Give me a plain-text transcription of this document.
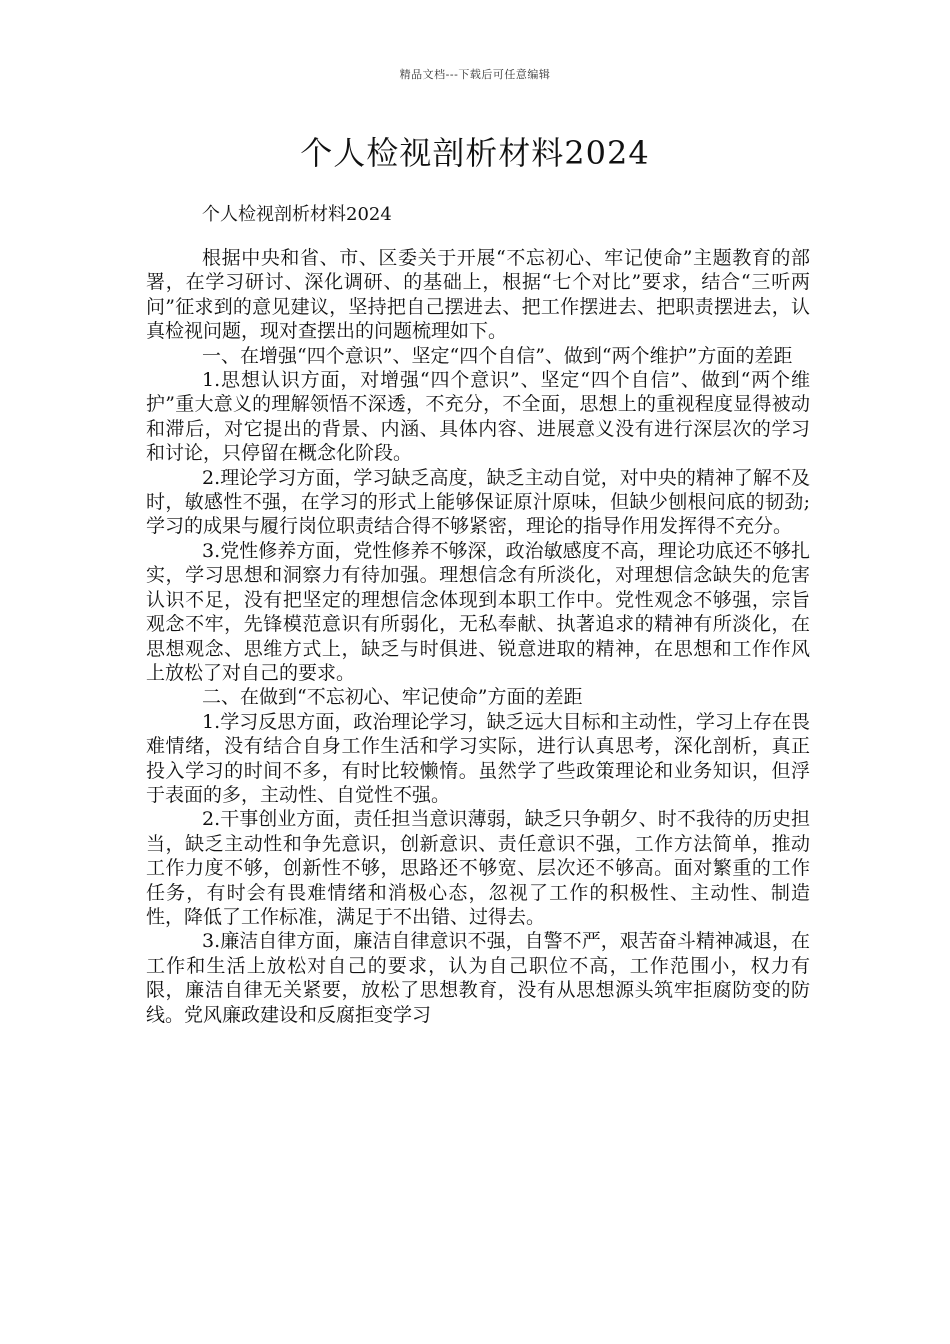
精品文档---下载后可任意编辑
个人检视剖析材料2024

个人检视剖析材料2024

根据中央和省、市、区委关于开展“不忘初心、牢记使命”主题教育的部署，在学习研讨、深化调研、的基础上，根据“七个对比”要求，结合“三听两问”征求到的意见建议，坚持把自己摆进去、把工作摆进去、把职责摆进去，认真检视问题，现对查摆出的问题梳理如下。

一、在增强“四个意识”、坚定“四个自信”、做到“两个维护”方面的差距

1.思想认识方面，对增强“四个意识”、坚定“四个自信”、做到“两个维护”重大意义的理解领悟不深透，不充分，不全面，思想上的重视程度显得被动和滞后，对它提出的背景、内涵、具体内容、进展意义没有进行深层次的学习和讨论，只停留在概念化阶段。

2.理论学习方面，学习缺乏高度，缺乏主动自觉，对中央的精神了解不及时，敏感性不强，在学习的形式上能够保证原汁原味，但缺少刨根问底的韧劲;学习的成果与履行岗位职责结合得不够紧密，理论的指导作用发挥得不充分。

3.党性修养方面，党性修养不够深，政治敏感度不高，理论功底还不够扎实，学习思想和洞察力有待加强。理想信念有所淡化，对理想信念缺失的危害认识不足，没有把坚定的理想信念体现到本职工作中。党性观念不够强，宗旨观念不牢，先锋模范意识有所弱化，无私奉献、执著追求的精神有所淡化，在思想观念、思维方式上，缺乏与时俱进、锐意进取的精神，在思想和工作作风上放松了对自己的要求。

二、在做到“不忘初心、牢记使命”方面的差距

1.学习反思方面，政治理论学习，缺乏远大目标和主动性，学习上存在畏难情绪，没有结合自身工作生活和学习实际，进行认真思考，深化剖析，真正投入学习的时间不多，有时比较懒惰。虽然学了些政策理论和业务知识，但浮于表面的多，主动性、自觉性不强。

2.干事创业方面，责任担当意识薄弱，缺乏只争朝夕、时不我待的历史担当，缺乏主动性和争先意识，创新意识、责任意识不强，工作方法简单，推动工作力度不够，创新性不够，思路还不够宽、层次还不够高。面对繁重的工作任务，有时会有畏难情绪和消极心态，忽视了工作的积极性、主动性、制造性，降低了工作标准，满足于不出错、过得去。

3.廉洁自律方面，廉洁自律意识不强，自警不严，艰苦奋斗精神减退，在工作和生活上放松对自己的要求，认为自己职位不高，工作范围小，权力有限，廉洁自律无关紧要，放松了思想教育，没有从思想源头筑牢拒腐防变的防线。党风廉政建设和反腐拒变学习
